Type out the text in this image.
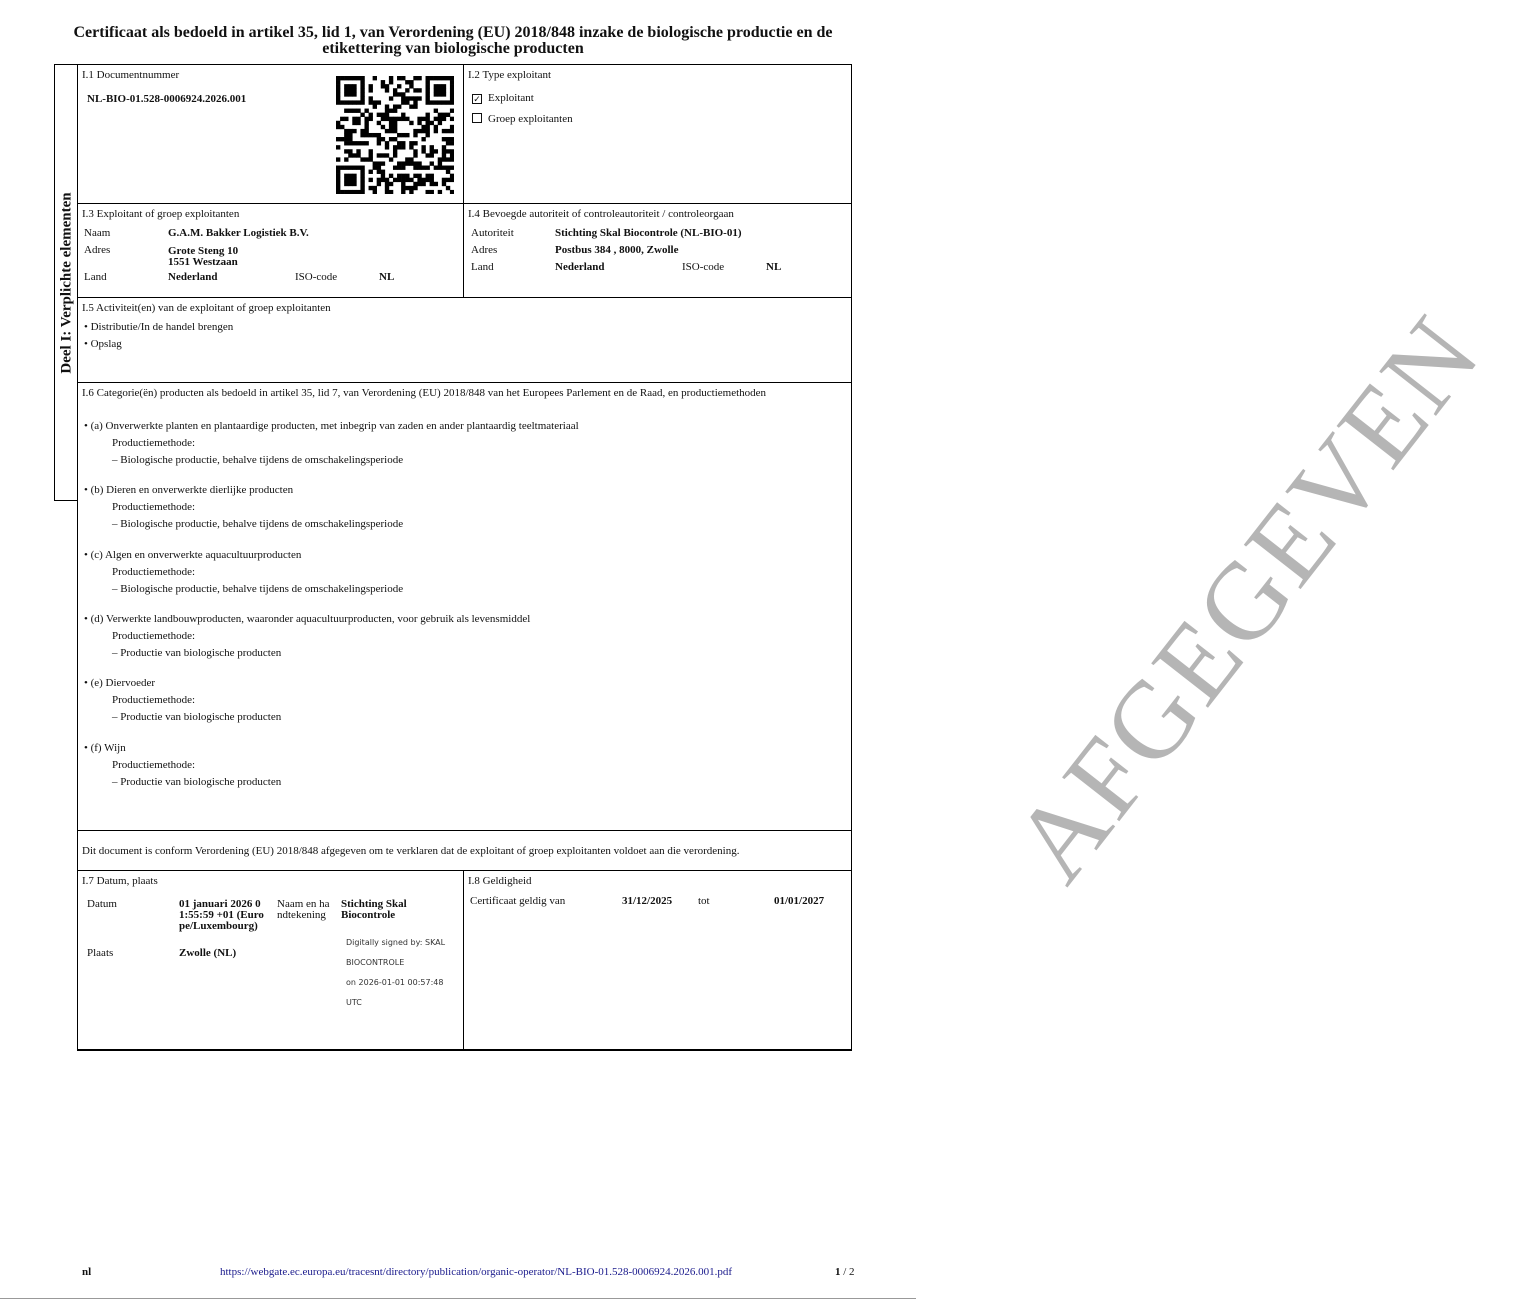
Certificaat als bedoeld in artikel 35, lid 1, van Verordening (EU) 2018/848 inzake de biologische productie en de etikettering van biologische producten
Deel I: Verplichte elementen
I.1 Documentnummer
NL-BIO-01.528-0006924.2026.001
I.2 Type exploitant
✓ Exploitant
Groep exploitanten
I.3 Exploitant of groep exploitanten
Naam	G.A.M. Bakker Logistiek B.V.
Adres	Grote Steng 10
1551 Westzaan
Land	Nederland	ISO-code	NL
I.4 Bevoegde autoriteit of controleautoriteit / controleorgaan
Autoriteit	Stichting Skal Biocontrole (NL-BIO-01)
Adres	Postbus 384 , 8000, Zwolle
Land	Nederland	ISO-code	NL
I.5 Activiteit(en) van de exploitant of groep exploitanten
• Distributie/In de handel brengen
• Opslag
I.6 Categorie(ën) producten als bedoeld in artikel 35, lid 7, van Verordening (EU) 2018/848 van het Europees Parlement en de Raad, en productiemethoden
• (a) Onverwerkte planten en plantaardige producten, met inbegrip van zaden en ander plantaardig teeltmateriaal
Productiemethode:
– Biologische productie, behalve tijdens de omschakelingsperiode
• (b) Dieren en onverwerkte dierlijke producten
Productiemethode:
– Biologische productie, behalve tijdens de omschakelingsperiode
• (c) Algen en onverwerkte aquacultuurproducten
Productiemethode:
– Biologische productie, behalve tijdens de omschakelingsperiode
• (d) Verwerkte landbouwproducten, waaronder aquacultuurproducten, voor gebruik als levensmiddel
Productiemethode:
– Productie van biologische producten
• (e) Diervoeder
Productiemethode:
– Productie van biologische producten
• (f) Wijn
Productiemethode:
– Productie van biologische producten
Dit document is conform Verordening (EU) 2018/848 afgegeven om te verklaren dat de exploitant of groep exploitanten voldoet aan die verordening.
I.7 Datum, plaats
Datum	01 januari 2026 01:55:59 +01 (Europe/Luxembourg)
Plaats	Zwolle (NL)
Naam en handtekening
Stichting Skal Biocontrole
Digitally signed by: SKAL
BIOCONTROLE
on 2026-01-01 00:57:48
UTC
I.8 Geldigheid
Certificaat geldig van	31/12/2025 tot	01/01/2027 AFGEGEVEN
nl	https://webgate.ec.europa.eu/tracesnt/directory/publication/organic-operator/NL-BIO-01.528-0006924.2026.001.pdf	1 / 2
